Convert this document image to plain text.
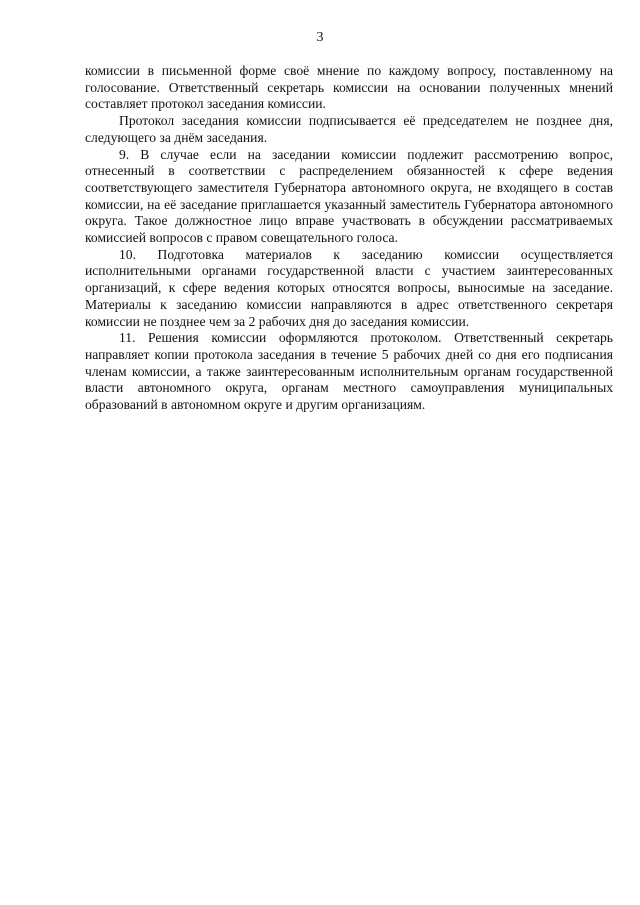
3

комиссии в письменной форме своё мнение по каждому вопросу, поставленному на голосование. Ответственный секретарь комиссии на основании полученных мнений составляет протокол заседания комиссии.

Протокол заседания комиссии подписывается её председателем не позднее дня, следующего за днём заседания.

9. В случае если на заседании комиссии подлежит рассмотрению вопрос, отнесенный в соответствии с распределением обязанностей к сфере ведения соответствующего заместителя Губернатора автономного округа, не входящего в состав комиссии, на её заседание приглашается указанный заместитель Губернатора автономного округа. Такое должностное лицо вправе участвовать в обсуждении рассматриваемых комиссией вопросов с правом совещательного голоса.

10. Подготовка материалов к заседанию комиссии осуществляется исполнительными органами государственной власти с участием заинтересованных организаций, к сфере ведения которых относятся вопросы, выносимые на заседание. Материалы к заседанию комиссии направляются в адрес ответственного секретаря комиссии не позднее чем за 2 рабочих дня до заседания комиссии.

11. Решения комиссии оформляются протоколом. Ответственный секретарь направляет копии протокола заседания в течение 5 рабочих дней со дня его подписания членам комиссии, а также заинтересованным исполнительным органам государственной власти автономного округа, органам местного самоуправления муниципальных образований в автономном округе и другим организациям.
